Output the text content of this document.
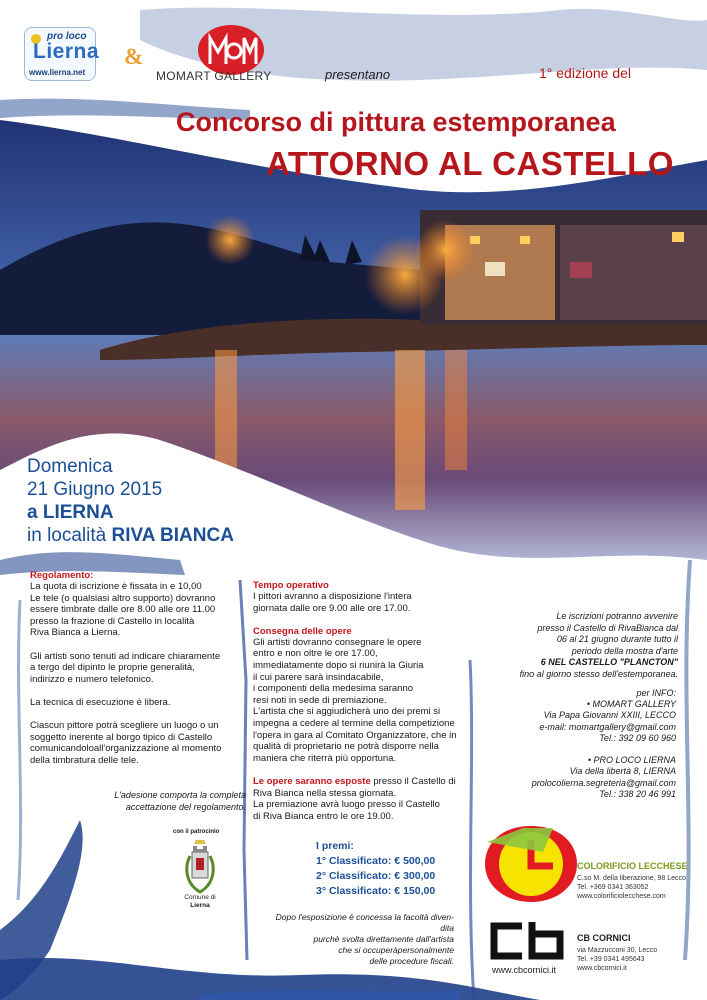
pro loco
Lierna
www.lierna.net
&
MOMART GALLERY	presentano	1° edizione del
Concorso di pittura estemporanea
ATTORNO AL CASTELLO
Domenica
21 Giugno 2015
a LIERNA
in località RIVA BIANCA

Regolamento:

La quota di iscrizione è fissata in e 10,00

Le tele (o qualsiasi altro supporto) dovranno

essere timbrate dalle ore 8.00 alle ore 11.00

presso la frazione di Castello in località

Riva Bianca a Lierna.

Gli artisti sono tenuti ad indicare chiaramente

a tergo del dipinto le proprie generalità,

indirizzo e numero telefonico.

La tecnica di esecuzione è libera.

Ciascun pittore potrà scegliere un luogo o un

soggetto inerente al borgo tipico di Castello

comunicandoloall'organizzazione al momento

della timbratura delle tele.

L'adesione comporta la completa
accettazione del regolamento.

Tempo operativo

I pittori avranno a disposizione l'intera

giornata dalle ore 9.00 alle ore 17.00.

Consegna delle opere

Gli artisti dovranno consegnare le opere

entro e non oltre le ore 17.00,

immediatamente dopo si riunirà la Giuria

il cui parere sarà insindacabile,

i componenti della medesima saranno

resi noti in sede di premiazione.

L'artista che si aggiudicherà uno dei premi si

impegna a cedere al termine della competizione

l'opera in gara al Comitato Organizzatore, che in

qualità di proprietario ne potrà disporre nella

maniera che riterrà più opportuna.

Le opere saranno esposte presso il Castello di

Riva Bianca nella stessa giornata.

La premiazione avrà luogo presso il Castello

di Riva Bianca entro le ore 19.00.

I premi:
1° Classificato: € 500,00
2° Classificato: € 300,00
3° Classificato: € 150,00
Dopo l'esposizione è concessa la facoltà divendita
purchè svolta direttamente dall'artista
che si occuperàpersonalmente
delle procedure fiscali.
Le iscrizioni potranno avvenire
presso il Castello di RivaBianca dal
06 al 21 giugno durante tutto il
periodo della mostra d'arte
6 NEL CASTELLO "PLANCTON"
fino al giorno stesso dell'estemporanea.
per INFO:
• MOMART GALLERY
Via Papa Giovanni XXIII, LECCO
e-mail: momartgallery@gmail.com
Tel.: 392 09 60 960
• PRO LOCO LIERNA
Via della libertà 8, LIERNA
prolocolierna.segreteria@gmail.com
Tel.: 338 20 46 991
con il patrocinio
Comune di
Lierna
COLORIFICIO LECCHESE
C.so M. della liberazione, 98 Lecco
Tel. +369 0341 363052
www.colorificiolecchese.com
www.cbcornici.it
CB CORNICI
via Mazzucconi 30, Lecco
Tel. +39 0341 495643
www.cbcornici.it
